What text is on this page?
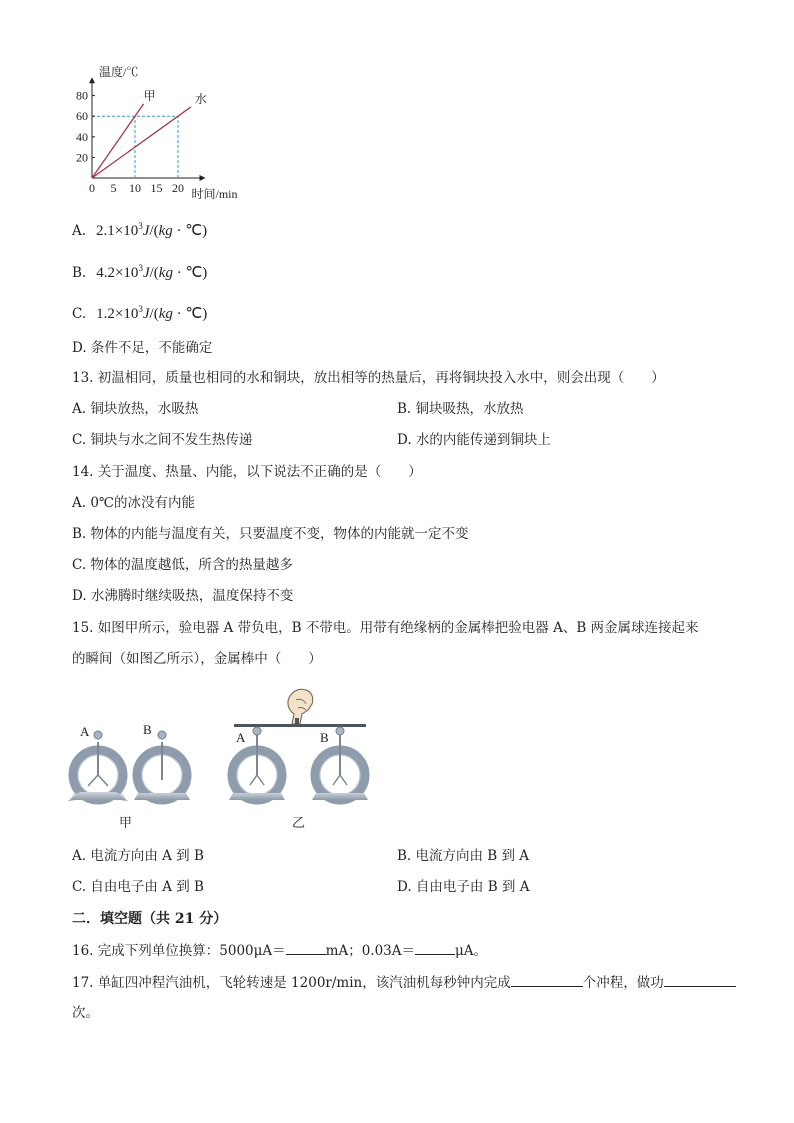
甲	水
0 5 10 15 20
20
40
60
80
温度/℃
时间/min
A. $2.1\times 10^3J/(kg$ · ℃)
B. $4.2\times 10^3J/(kg$ · ℃)
C. $1.2\times 10^3J/(kg$ · ℃)
D. 条件不足，不能确定
13. 初温相同，质量也相同的水和铜块，放出相等的热量后，再将铜块投入水中，则会出现（　　）
A. 铜块放热，水吸热	B. 铜块吸热，水放热
C. 铜块与水之间不发生热传递	D. 水的内能传递到铜块上
14. 关于温度、热量、内能，以下说法不正确的是（　　）
A. 0℃的冰没有内能
B. 物体的内能与温度有关，只要温度不变，物体的内能就一定不变
C. 物体的温度越低，所含的热量越多
D. 水沸腾时继续吸热，温度保持不变
15. 如图甲所示，验电器 A 带负电，B 不带电。用带有绝缘柄的金属棒把验电器 A、B 两金属球连接起来
的瞬间（如图乙所示），金属棒中（　　）
A	B
A	B
甲	乙
A. 电流方向由 A 到 B	B. 电流方向由 B 到 A
C. 自由电子由 A 到 B	D. 自由电子由 B 到 A
二．填空题（共 21 分）
16. 完成下列单位换算：5000μA＝	mA；0.03A＝	μA。
17. 单缸四冲程汽油机，飞轮转速是 1200r/min，该汽油机每秒钟内完成	个冲程，做功
次。
